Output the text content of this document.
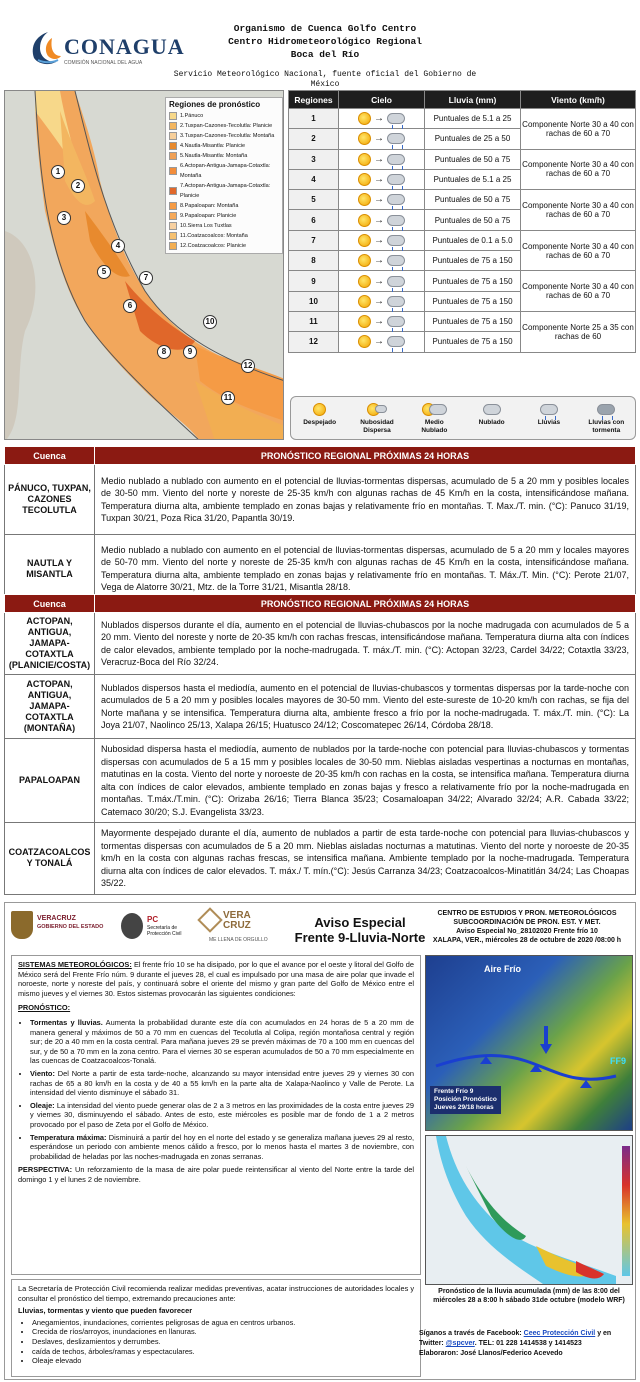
CONAGUA
COMISIÓN NACIONAL DEL AGUA
Organismo de Cuenca Golfo Centro
Centro Hidrometeorológico Regional
Boca del Río
Servicio Meteorológico Nacional, fuente oficial del Gobierno de México
Regiones de pronóstico
1.Pánuco
2.Tuxpan-Cazones-Tecolutla: Planicie
3.Tuxpan-Cazones-Tecolutla: Montaña
4.Nautla-Misantla: Planicie
5.Nautla-Misantla: Montaña
6.Actopan-Antigua-Jamapa-Cotaxtla: Montaña
7.Actopan-Antigua-Jamapa-Cotaxtla: Planicie
8.Papaloapan: Montaña
9.Papaloapan: Planicie
10.Sierra Los Tuxtlas
11.Coatzacoalcos: Montaña
12.Coatzacoalcos: Planicie
1
2
3
4
5
6
7
8	9
10
11
12
Regiones	Cielo	Lluvia (mm)	Viento (km/h)
1	→	Puntuales de 5.1 a 25	Componente Norte 30 a 40 con rachas de 60 a 70
2	→	Puntuales de 25 a 50	
3	→	Puntuales de 50 a 75	Componente Norte 30 a 40 con rachas de 60 a 70
4	→	Puntuales de 5.1 a 25	
5	→	Puntuales de 50 a 75	Componente Norte 30 a 40 con rachas de 60 a 70
6	→	Puntuales de 50 a 75	
7	→	Puntuales de 0.1 a 5.0	Componente Norte 30 a 40 con rachas de 60 a 70
8	→	Puntuales de 75 a 150	
9	→	Puntuales de 75 a 150	Componente Norte 30 a 40 con rachas de 60 a 70
10	→	Puntuales de 75 a 150	
11	→	Puntuales de 75 a 150	Componente Norte 25 a 35 con rachas de 60
12	→	Puntuales de 75 a 150	
Despejado	Nubosidad Dispersa
Medio Nublado
Nublado	Lluvias	Lluvias con tormenta
Cuenca	PRONÓSTICO REGIONAL PRÓXIMAS 24 HORAS
PÁNUCO, TUXPAN, CAZONES TECOLUTLA	Medio nublado a nublado con aumento en el potencial de lluvias-tormentas dispersas, acumulado de 5 a 20 mm y posibles locales de 30-50 mm. Viento del norte y noreste de 25-35 km/h con algunas rachas de 45 Km/h en la costa, intensificándose mañana. Temperatura diurna alta, ambiente templado en zonas bajas y relativamente frío en montañas. T. Max./T. min. (°C): Panuco 31/19, Tuxpan 30/21, Poza Rica 31/20, Papantla 30/19.
NAUTLA Y MISANTLA	Medio nublado a nublado con aumento en el potencial de lluvias-tormentas dispersas, acumulado de 5 a 20 mm y locales mayores de 50-70 mm. Viento del norte y noreste de 25-35 km/h con algunas rachas de 45 Km/h en la costa, intensificándose mañana. Temperatura diurna alta, ambiente templado en zonas bajas y relativamente frío en montañas. T. Máx./T. Min. (°C): Perote 21/07, Vega de Alatorre 30/21, Mtz. de la Torre 31/21, Misantla 28/18.
Cuenca	PRONÓSTICO REGIONAL PRÓXIMAS 24 HORAS
ACTOPAN, ANTIGUA, JAMAPA-COTAXTLA (PLANICIE/COSTA)	Nublados dispersos durante el día, aumento en el potencial de lluvias-chubascos por la noche madrugada con acumulados de 5 a 20 mm. Viento del noreste y norte de 20-35 km/h con rachas frescas, intensificándose mañana. Temperatura diurna alta con índices de calor elevados, ambiente templado por la noche-madrugada. T. máx./T. min. (°C): Actopan 32/23, Cardel 34/22; Cotaxtla 33/23, Veracruz-Boca del Río 32/24.
ACTOPAN, ANTIGUA, JAMAPA-COTAXTLA (MONTAÑA)	Nublados dispersos hasta el mediodía, aumento en el potencial de lluvias-chubascos y tormentas dispersas por la tarde-noche con acumulados de 5 a 20 mm y posibles locales mayores de 30-50 mm. Viento del este-sureste de 10-20 km/h con rachas, se fija del Norte mañana y se intensifica. Temperatura diurna alta, ambiente fresco a frío por la noche-madrugada. T. máx./T. min. (°C): La Joya 21/07, Naolinco 25/13, Xalapa 26/15; Huatusco 24/12; Coscomatepec 26/14, Córdoba 28/18.
PAPALOAPAN	Nubosidad dispersa hasta el mediodía, aumento de nublados por la tarde-noche con potencial para lluvias-chubascos y tormentas dispersas con acumulados de 5 a 15 mm y posibles locales de 30-50 mm. Nieblas aisladas vespertinas a nocturnas en montañas, matutinas en la costa. Viento del norte y noroeste de 20-35 km/h con rachas en la costa, se intensifica mañana. Temperatura diurna alta con índices de calor elevados, ambiente templado en zonas bajas y fresco a relativamente frío por la noche-madrugada en montañas. T.máx./T.min. (°C): Orizaba 26/16; Tierra Blanca 35/23; Cosamaloapan 34/22; Alvarado 32/24; A.R. Cabada 33/22; Catemaco 30/20; S.J. Evangelista 33/23.
COATZACOALCOS Y TONALÁ	Mayormente despejado durante el día, aumento de nublados a partir de esta tarde-noche con potencial para lluvias-chubascos y tormentas dispersas con acumulados de 5 a 20 mm. Nieblas aisladas nocturnas a matutinas. Viento del norte y noroeste de 20-35 km/h en la costa con algunas rachas frescas, se intensifica mañana. Ambiente templado por la noche-madrugada. Temperatura diurna alta con índices de calor elevados. T. máx./ T. mín.(°C): Jesús Carranza 34/23; Coatzacoalcos-Minatitlán 34/24; Las Choapas 35/22.
VERACRUZ
GOBIERNO DEL ESTADO
PC
Secretaría de Protección Civil
VERA CRUZ
ME LLENA DE ORGULLO
Aviso Especial
Frente 9-Lluvia-Norte
CENTRO DE ESTUDIOS Y PRON. METEOROLÓGICOS
SUBCOORDINACIÓN DE PRON. EST. Y MET.
Aviso Especial No_28102020 Frente frío 10
XALAPA, VER., miércoles 28 de octubre de 2020 /08:00 h

SISTEMAS METEOROLÓGICOS: El frente frío 10 se ha disipado, por lo que el avance por el oeste y litoral del Golfo de México será del Frente Frío núm. 9 durante el jueves 28, el cual es impulsado por una masa de aire polar que invade el noroeste, norte y noreste del país, y continuará sobre el oriente del mismo y gran parte del Golfo de México entre el mismo jueves y el viernes 30. Estos sistemas provocarán las siguientes condiciones:

PRONÓSTICO:

• Tormentas y lluvias. Aumenta la probabilidad durante este día con acumulados en 24 horas de 5 a 20 mm de manera general y máximos de 50 a 70 mm en cuencas del Tecolutla al Colipa, región montañosa central y región sur; de 20 a 40 mm en la costa central. Para mañana jueves 29 se prevén máximas de 70 a 100 mm en cuencas del sur, y de 50 a 70 mm en la zona centro. Para el viernes 30 se esperan acumulados de 50 a 70 mm especialmente en las cuencas de Coatzacoalcos-Tonalá.
• Viento: Del Norte a partir de esta tarde-noche, alcanzando su mayor intensidad entre jueves 29 y viernes 30 con rachas de 65 a 80 km/h en la costa y de 40 a 55 km/h en la parte alta de Xalapa-Naolinco y Valle de Perote. La intensidad del viento disminuye el sábado 31.
• Oleaje: La intensidad del viento puede generar olas de 2 a 3 metros en las proximidades de la costa entre jueves 29 y viernes 30, disminuyendo el sábado. Antes de esto, este miércoles es posible mar de fondo de 1 a 2 metros provocado por el paso de Zeta por el Golfo de México.
• Temperatura máxima: Disminuirá a partir del hoy en el norte del estado y se generaliza mañana jueves 29 al resto, esperándose un periodo con ambiente menos cálido a fresco, por lo menos hasta el martes 3 de noviembre, con probabilidad de heladas por las noches-madrugada en zonas serranas.

PERSPECTIVA: Un reforzamiento de la masa de aire polar puede reintensificar al viento del Norte entre la tarde del domingo 1 y el lunes 2 de noviembre.

La Secretaría de Protección Civil recomienda realizar medidas preventivas, acatar instrucciones de autoridades locales y consultar el pronóstico del tiempo, extremando precauciones ante:
Lluvias, tormentas y viento que pueden favorecer
• Anegamientos, inundaciones, corrientes peligrosas de agua en centros urbanos.
• Crecida de ríos/arroyos, inundaciones en llanuras.
• Deslaves, deslizamientos y derrumbes.
• caída de techos, árboles/ramas y espectaculares.
• Oleaje elevado
Aire Frío
FF9
Frente Frío 9
Posición Pronóstico
Jueves 29/18 horas
Pronóstico de la lluvia acumulada (mm) de las 8:00 del miércoles 28 a 8:00 h sábado 31de octubre (modelo WRF)
Síganos a través de Facebook: Ceec Protección Civil y en
Twitter: @spcver. TEL: 01 228 1414538 y 1414523
Elaboraron: José Llanos/Federico Acevedo
